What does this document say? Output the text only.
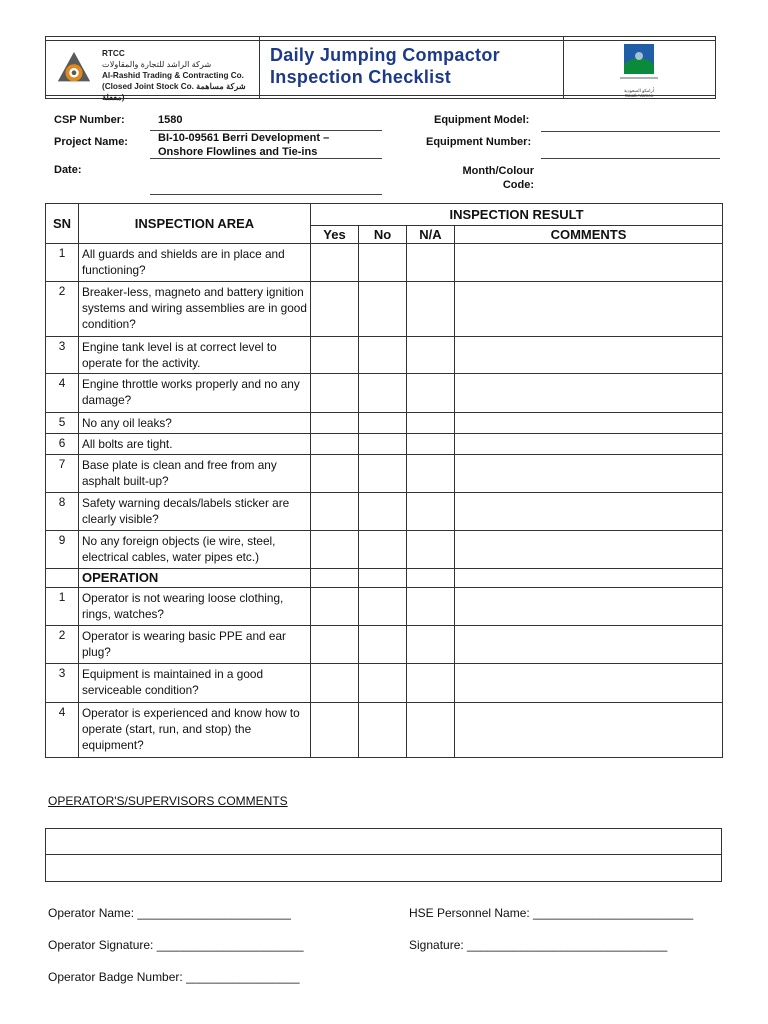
RTCC
شركة الراشد للتجارة والمقاولات
Al-Rashid Trading & Contracting Co.
(Closed Joint Stock Co. شركة مساهمة مقفلة)
Daily Jumping Compactor
Inspection Checklist
أرامكو السعودية
Saudi Aramco
CSP Number:	1580
Project Name:	BI-10-09561 Berri Development –
Onshore Flowlines and Tie-ins
Date:
Equipment Model:
Equipment Number:
Month/Colour
Code:
SN	INSPECTION AREA	INSPECTION RESULT			
		Yes	No	N/A	COMMENTS
1	All guards and shields are in place and functioning?				
2	Breaker-less, magneto and battery ignition systems and wiring assemblies are in good condition?				
3	Engine tank level is at correct level to operate for the activity.				
4	Engine throttle works properly and no any damage?				
5	No any oil leaks?				
6	All bolts are tight.				
7	Base plate is clean and free from any asphalt built-up?				
8	Safety warning decals/labels sticker are clearly visible?				
9	No any foreign objects (ie wire, steel, electrical cables, water pipes etc.)				
	OPERATION				
1	Operator is not wearing loose clothing, rings, watches?				
2	Operator is wearing basic PPE and ear plug?				
3	Equipment is maintained in a good serviceable condition?				
4	Operator is experienced and know how to operate (start, run, and stop) the equipment?				
OPERATOR'S/SUPERVISORS COMMENTS
Operator Name: _______________________	HSE Personnel Name: ________________________
Operator Signature: ______________________	Signature: ______________________________
Operator Badge Number: _________________
